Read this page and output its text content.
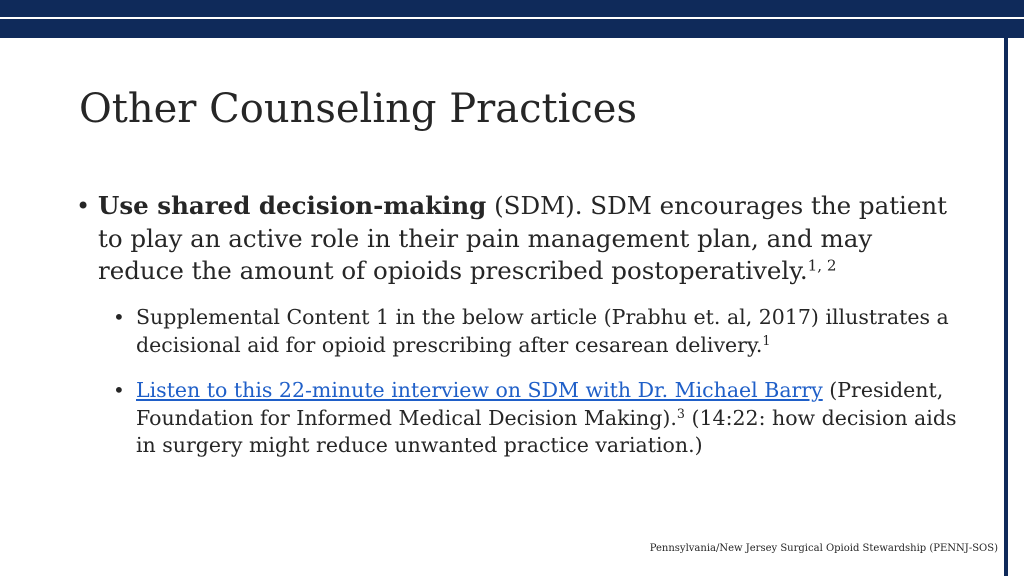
Other Counseling Practices
• Use shared decision-making (SDM). SDM encourages the patient to play an active role in their pain management plan, and may reduce the amount of opioids prescribed postoperatively.$^{1, 2}$
• Supplemental Content 1 in the below article (Prabhu et. al, 2017) illustrates a decisional aid for opioid prescribing after cesarean delivery.$^1$
• Listen to this 22-minute interview on SDM with Dr. Michael Barry (President, Foundation for Informed Medical Decision Making).$^3$ (14:22: how decision aids in surgery might reduce unwanted practice variation.)
Pennsylvania/New Jersey Surgical Opioid Stewardship (PENNJ-SOS)
